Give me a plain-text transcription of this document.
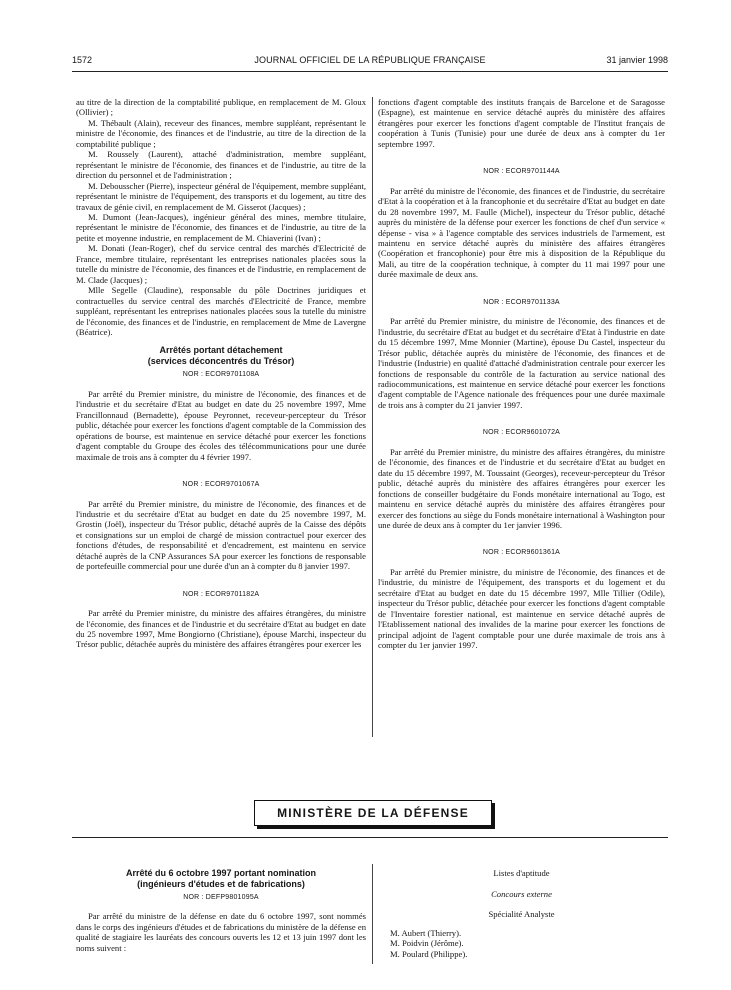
1572	JOURNAL OFFICIEL DE LA RÉPUBLIQUE FRANÇAISE	31 janvier 1998

au titre de la direction de la comptabilité publique, en remplacement de M. Gloux (Ollivier) ;

M. Thébault (Alain), receveur des finances, membre suppléant, représentant le ministre de l'économie, des finances et de l'industrie, au titre de la direction de la comptabilité publique ;

M. Roussely (Laurent), attaché d'administration, membre suppléant, représentant le ministre de l'économie, des finances et de l'industrie, au titre de la direction du personnel et de l'administration ;

M. Debousscher (Pierre), inspecteur général de l'équipement, membre suppléant, représentant le ministre de l'équipement, des transports et du logement, au titre des travaux de génie civil, en remplacement de M. Gisserot (Jacques) ;

M. Dumont (Jean-Jacques), ingénieur général des mines, membre titulaire, représentant le ministre de l'économie, des finances et de l'industrie, au titre de la petite et moyenne industrie, en remplacement de M. Chiaverini (Ivan) ;

M. Donati (Jean-Roger), chef du service central des marchés d'Electricité de France, membre titulaire, représentant les entreprises nationales placées sous la tutelle du ministre de l'économie, des finances et de l'industrie, en remplacement de M. Clade (Jacques) ;

Mlle Segelle (Claudine), responsable du pôle Doctrines juridiques et contractuelles du service central des marchés d'Electricité de France, membre suppléant, représentant les entreprises nationales placées sous la tutelle du ministre de l'économie, des finances et de l'industrie, en remplacement de Mme de Lavergne (Béatrice).

Arrêtés portant détachement
(services déconcentrés du Trésor)
NOR : ECOR9701108A

Par arrêté du Premier ministre, du ministre de l'économie, des finances et de l'industrie et du secrétaire d'Etat au budget en date du 25 novembre 1997, Mme Francillonnaud (Bernadette), épouse Peyronnet, receveur-percepteur du Trésor public, détachée pour exercer les fonctions d'agent comptable de la Commission des opérations de bourse, est maintenue en service détaché pour exercer les fonctions d'agent comptable du Groupe des écoles des télécommunications pour une durée maximale de trois ans à compter du 4 février 1997.

NOR : ECOR9701067A

Par arrêté du Premier ministre, du ministre de l'économie, des finances et de l'industrie et du secrétaire d'Etat au budget en date du 25 novembre 1997, M. Grostin (Joël), inspecteur du Trésor public, détaché auprès de la Caisse des dépôts et consignations sur un emploi de chargé de mission contractuel pour exercer des fonctions d'études, de responsabilité et d'encadrement, est maintenu en service détaché auprès de la CNP Assurances SA pour exercer les fonctions de responsable de portefeuille commercial pour une durée d'un an à compter du 8 janvier 1997.

NOR : ECOR9701182A

Par arrêté du Premier ministre, du ministre des affaires étrangères, du ministre de l'économie, des finances et de l'industrie et du secrétaire d'Etat au budget en date du 25 novembre 1997, Mme Bongiorno (Christiane), épouse Marchi, inspecteur du Trésor public, détachée auprès du ministère des affaires étrangères pour exercer les

fonctions d'agent comptable des instituts français de Barcelone et de Saragosse (Espagne), est maintenue en service détaché auprès du ministère des affaires étrangères pour exercer les fonctions d'agent comptable de l'Institut français de coopération à Tunis (Tunisie) pour une durée de deux ans à compter du 1er septembre 1997.

NOR : ECOR9701144A

Par arrêté du ministre de l'économie, des finances et de l'industrie, du secrétaire d'Etat à la coopération et à la francophonie et du secrétaire d'Etat au budget en date du 28 novembre 1997, M. Faulle (Michel), inspecteur du Trésor public, détaché auprès du ministère de la défense pour exercer les fonctions de chef d'un service « dépense - visa » à l'agence comptable des services industriels de l'armement, est maintenu en service détaché auprès du ministère des affaires étrangères (Coopération et francophonie) pour être mis à disposition de la République du Mali, au titre de la coopération technique, à compter du 11 mai 1997 pour une durée maximale de deux ans.

NOR : ECOR9701133A

Par arrêté du Premier ministre, du ministre de l'économie, des finances et de l'industrie, du secrétaire d'Etat au budget et du secrétaire d'Etat à l'industrie en date du 15 décembre 1997, Mme Monnier (Martine), épouse Du Castel, inspecteur du Trésor public, détachée auprès du ministère de l'économie, des finances et de l'industrie (Industrie) en qualité d'attaché d'administration centrale pour exercer les fonctions de responsable du contrôle de la facturation au service national des radiocommunications, est maintenue en service détaché pour exercer les fonctions d'agent comptable de l'Agence nationale des fréquences pour une durée maximale de trois ans à compter du 21 janvier 1997.

NOR : ECOR9601072A

Par arrêté du Premier ministre, du ministre des affaires étrangères, du ministre de l'économie, des finances et de l'industrie et du secrétaire d'Etat au budget en date du 15 décembre 1997, M. Toussaint (Georges), receveur-percepteur du Trésor public, détaché auprès du ministère des affaires étrangères pour exercer les fonctions de conseiller budgétaire du Fonds monétaire international au Togo, est maintenu en service détaché auprès du ministère des affaires étrangères pour exercer des fonctions au siège du Fonds monétaire international à Washington pour une durée de deux ans à compter du 1er janvier 1996.

NOR : ECOR9601361A

Par arrêté du Premier ministre, du ministre de l'économie, des finances et de l'industrie, du ministre de l'équipement, des transports et du logement et du secrétaire d'Etat au budget en date du 15 décembre 1997, Mlle Tillier (Odile), inspecteur du Trésor public, détachée pour exercer les fonctions d'agent comptable de l'Inventaire forestier national, est maintenue en service détaché auprès de l'Etablissement national des invalides de la marine pour exercer les fonctions de principal adjoint de l'agent comptable pour une durée maximale de trois ans à compter du 1er janvier 1997.

MINISTÈRE DE LA DÉFENSE
Arrêté du 6 octobre 1997 portant nomination
(ingénieurs d'études et de fabrications)
NOR : DEFP9801095A

Par arrêté du ministre de la défense en date du 6 octobre 1997, sont nommés dans le corps des ingénieurs d'études et de fabrications du ministère de la défense en qualité de stagiaire les lauréats des concours ouverts les 12 et 13 juin 1997 dont les noms suivent :

Listes d'aptitude
Concours externe
Spécialité Analyste
M. Aubert (Thierry).
M. Poidvin (Jérôme).
M. Poulard (Philippe).
